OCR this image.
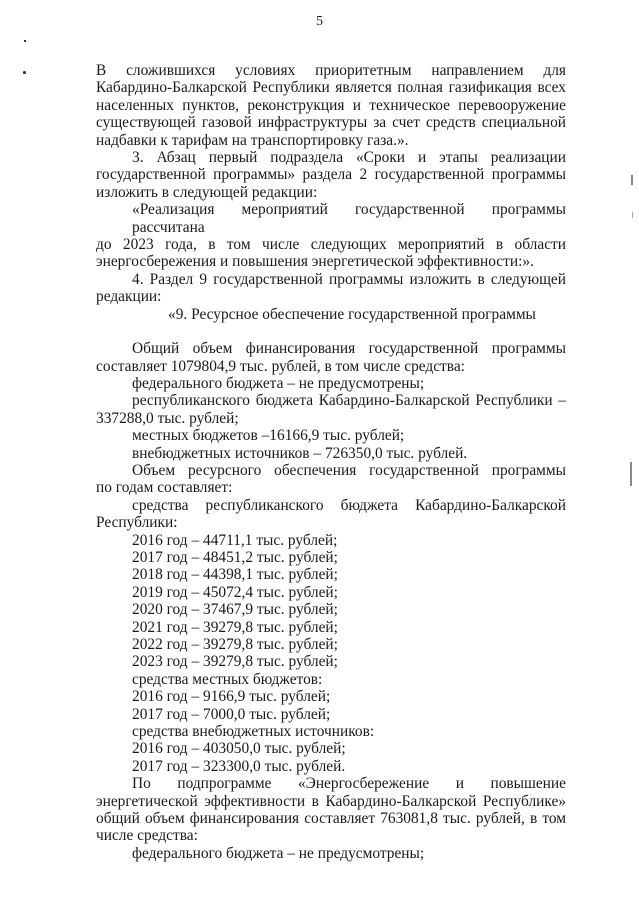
5

В сложившихся условиях приоритетным направлением для

Кабардино-Балкарской Республики является полная газификация всех

населенных пунктов, реконструкция и техническое перевооружение

существующей газовой инфраструктуры за счет средств специальной

надбавки к тарифам на транспортировку газа.».

3. Абзац первый подраздела «Сроки и этапы реализации

государственной программы» раздела 2 государственной программы

изложить в следующей редакции:

«Реализация мероприятий государственной программы рассчитана

до 2023 года, в том числе следующих мероприятий в области

энергосбережения и повышения энергетической эффективности:».

4. Раздел 9 государственной программы изложить в следующей

редакции:

«9. Ресурсное обеспечение государственной программы

Общий объем финансирования государственной программы

составляет 1079804,9 тыс. рублей, в том числе средства:

федерального бюджета – не предусмотрены;

республиканского бюджета Кабардино-Балкарской Республики –

337288,0 тыс. рублей;

местных бюджетов –16166,9 тыс. рублей;

внебюджетных источников – 726350,0 тыс. рублей.

Объем ресурсного обеспечения государственной программы

по годам составляет:

средства республиканского бюджета Кабардино-Балкарской

Республики:

2016 год – 44711,1 тыс. рублей;

2017 год – 48451,2 тыс. рублей;

2018 год – 44398,1 тыс. рублей;

2019 год – 45072,4 тыс. рублей;

2020 год – 37467,9 тыс. рублей;

2021 год – 39279,8 тыс. рублей;

2022 год – 39279,8 тыс. рублей;

2023 год – 39279,8 тыс. рублей;

средства местных бюджетов:

2016 год – 9166,9 тыс. рублей;

2017 год – 7000,0 тыс. рублей;

средства внебюджетных источников:

2016 год – 403050,0 тыс. рублей;

2017 год – 323300,0 тыс. рублей.

По подпрограмме «Энергосбережение и повышение

энергетической эффективности в Кабардино-Балкарской Республике»

общий объем финансирования составляет 763081,8 тыс. рублей, в том

числе средства:

федерального бюджета – не предусмотрены;
